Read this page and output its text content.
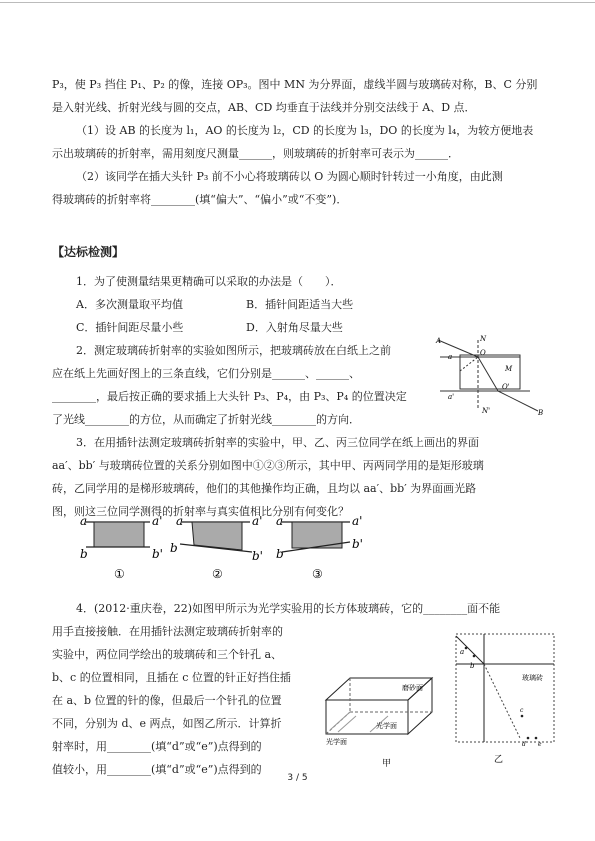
P₃，使 P₃ 挡住 P₁、P₂ 的像，连接 OP₃。图中 MN 为分界面，虚线半圆与玻璃砖对称，B、C 分别

是入射光线、折射光线与圆的交点，AB、CD 均垂直于法线并分别交法线于 A、D 点．

（1）设 AB 的长度为 l₁，AO 的长度为 l₂，CD 的长度为 l₃，DO 的长度为 l₄，为较方便地表

示出玻璃砖的折射率，需用刻度尺测量______，则玻璃砖的折射率可表示为______．

（2）该同学在插大头针 P₃ 前不小心将玻璃砖以 O 为圆心顺时针转过一小角度，由此测

得玻璃砖的折射率将________(填“偏大”、“偏小”或“不变”)．

【达标检测】

1．为了使测量结果更精确可以采取的办法是（　　）．

A．多次测量取平均值	B．插针间距适当大些

C．插针间距尽量小些	D．入射角尽量大些

2．测定玻璃砖折射率的实验如图所示，把玻璃砖放在白纸上之前

应在纸上先画好图上的三条直线，它们分别是______、______、

________，最后按正确的要求插上大头针 P₃、P₄，由 P₃、P₄ 的位置决定

了光线________的方位，从而确定了折射光线________的方向．

A	N
a	O
M
a'
O'
N'	B

3．在用插针法测定玻璃砖折射率的实验中，甲、乙、丙三位同学在纸上画出的界面

aa′、bb′ 与玻璃砖位置的关系分别如图中①②③所示，其中甲、丙两同学用的是矩形玻璃

砖，乙同学用的是梯形玻璃砖，他们的其他操作均正确，且均以 aa′、bb′ 为界面画光路

图，则这三位同学测得的折射率与真实值相比分别有何变化？

a	a'
b	b'
①
a	a'
b
b'
②
a	a'
b
b'
③

4．(2012·重庆卷，22)如图甲所示为光学实验用的长方体玻璃砖，它的________面不能

用手直接接触．在用插针法测定玻璃砖折射率的

实验中，两位同学绘出的玻璃砖和三个针孔 a、

b、c 的位置相同，且插在 c 位置的针正好挡住插

在 a、b 位置的针的像，但最后一个针孔的位置

不同，分别为 d、e 两点，如图乙所示．计算折

射率时，用________(填“d”或“e”)点得到的

值较小，用________(填“d”或“e”)点得到的

磨砂面
光学面
光学面
甲
a
b
c
d e
玻璃砖
乙
3 / 5
